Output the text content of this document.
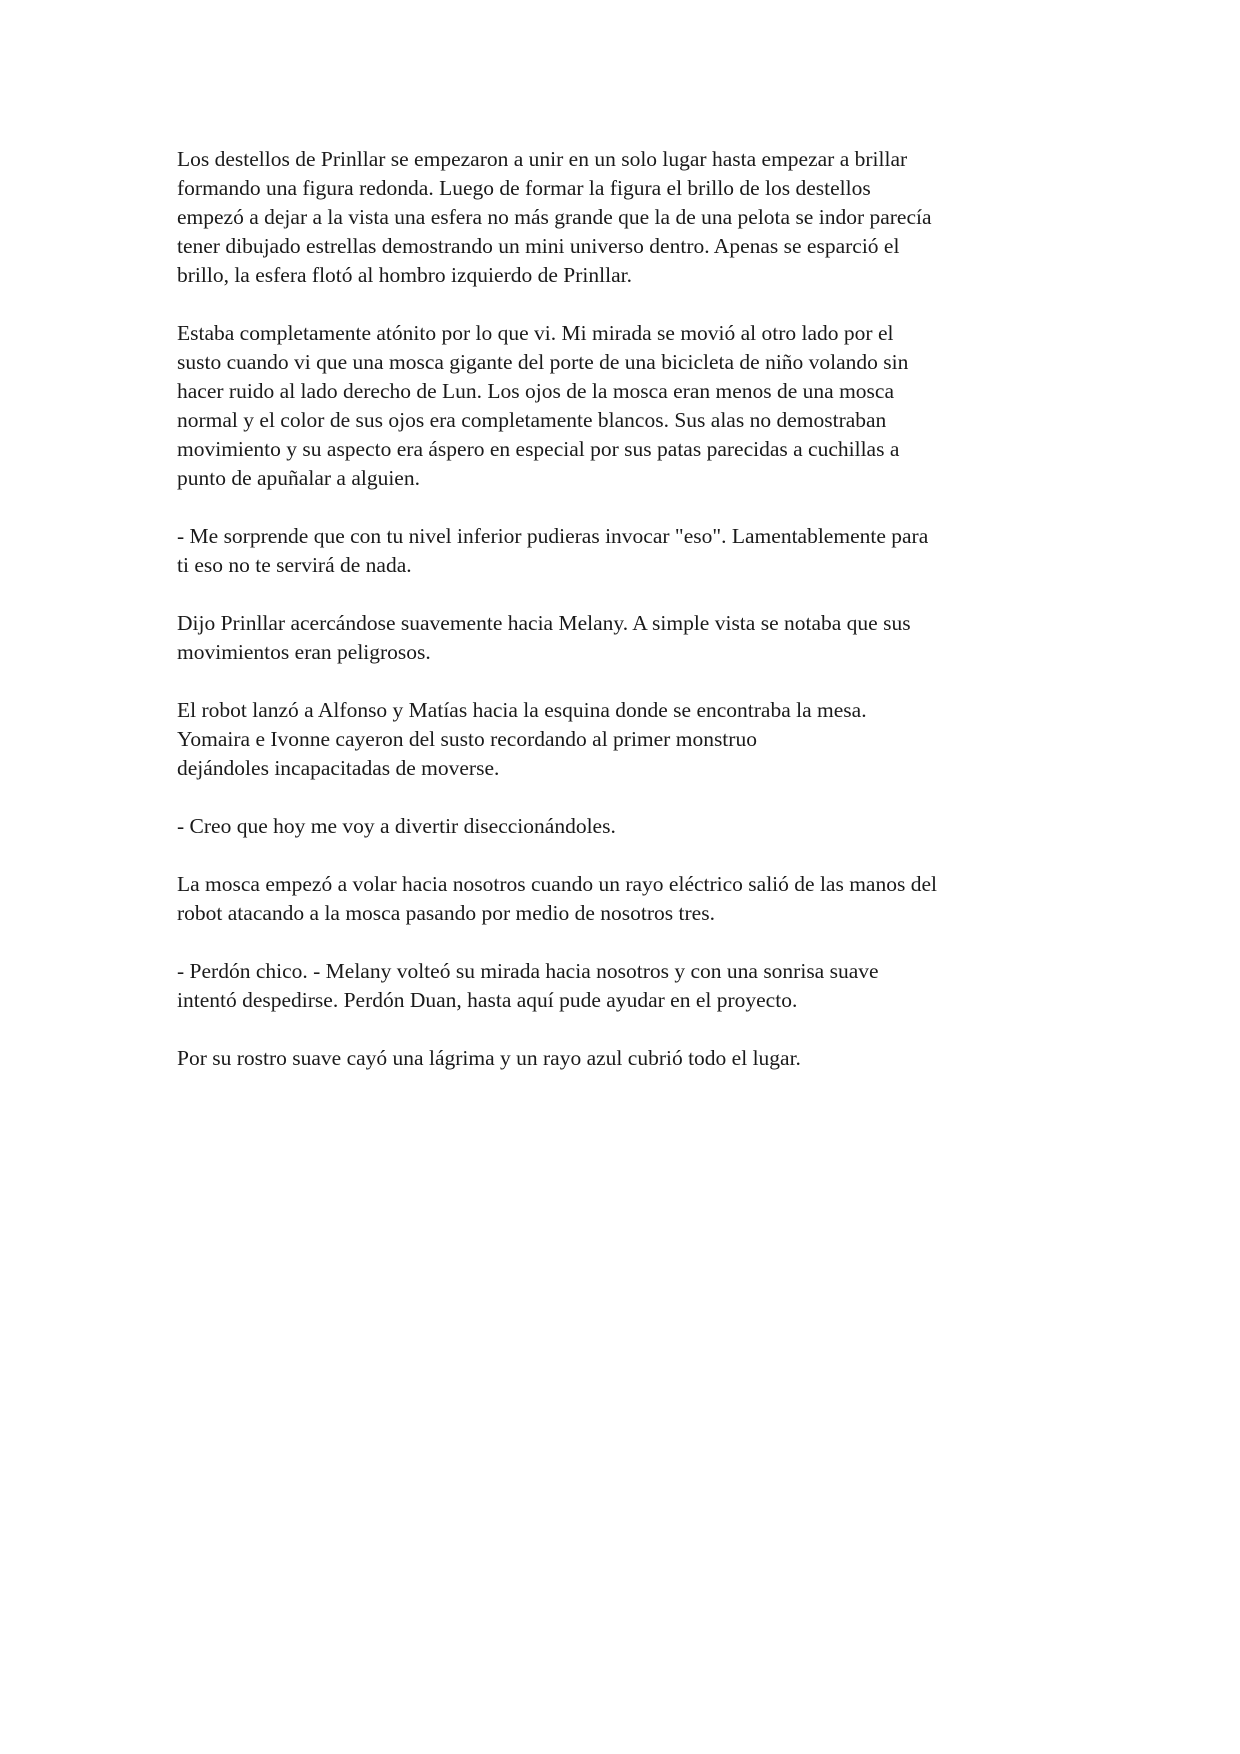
Los destellos de Prinllar se empezaron a unir en un solo lugar hasta empezar a brillar
formando una figura redonda. Luego de formar la figura el brillo de los destellos
empezó a dejar a la vista una esfera no más grande que la de una pelota se indor parecía
tener dibujado estrellas demostrando un mini universo dentro. Apenas se esparció el
brillo, la esfera flotó al hombro izquierdo de Prinllar.

Estaba completamente atónito por lo que vi. Mi mirada se movió al otro lado por el
susto cuando vi que una mosca gigante del porte de una bicicleta de niño volando sin
hacer ruido al lado derecho de Lun. Los ojos de la mosca eran menos de una mosca
normal y el color de sus ojos era completamente blancos. Sus alas no demostraban
movimiento y su aspecto era áspero en especial por sus patas parecidas a cuchillas a
punto de apuñalar a alguien.

- Me sorprende que con tu nivel inferior pudieras invocar "eso". Lamentablemente para
ti eso no te servirá de nada.

Dijo Prinllar acercándose suavemente hacia Melany. A simple vista se notaba que sus
movimientos eran peligrosos.

El robot lanzó a Alfonso y Matías hacia la esquina donde se encontraba la mesa.
Yomaira e Ivonne cayeron del susto recordando al primer monstruo
dejándoles incapacitadas de moverse.

- Creo que hoy me voy a divertir diseccionándoles.

La mosca empezó a volar hacia nosotros cuando un rayo eléctrico salió de las manos del
robot atacando a la mosca pasando por medio de nosotros tres.

- Perdón chico. - Melany volteó su mirada hacia nosotros y con una sonrisa suave
intentó despedirse. Perdón Duan, hasta aquí pude ayudar en el proyecto.

Por su rostro suave cayó una lágrima y un rayo azul cubrió todo el lugar.
